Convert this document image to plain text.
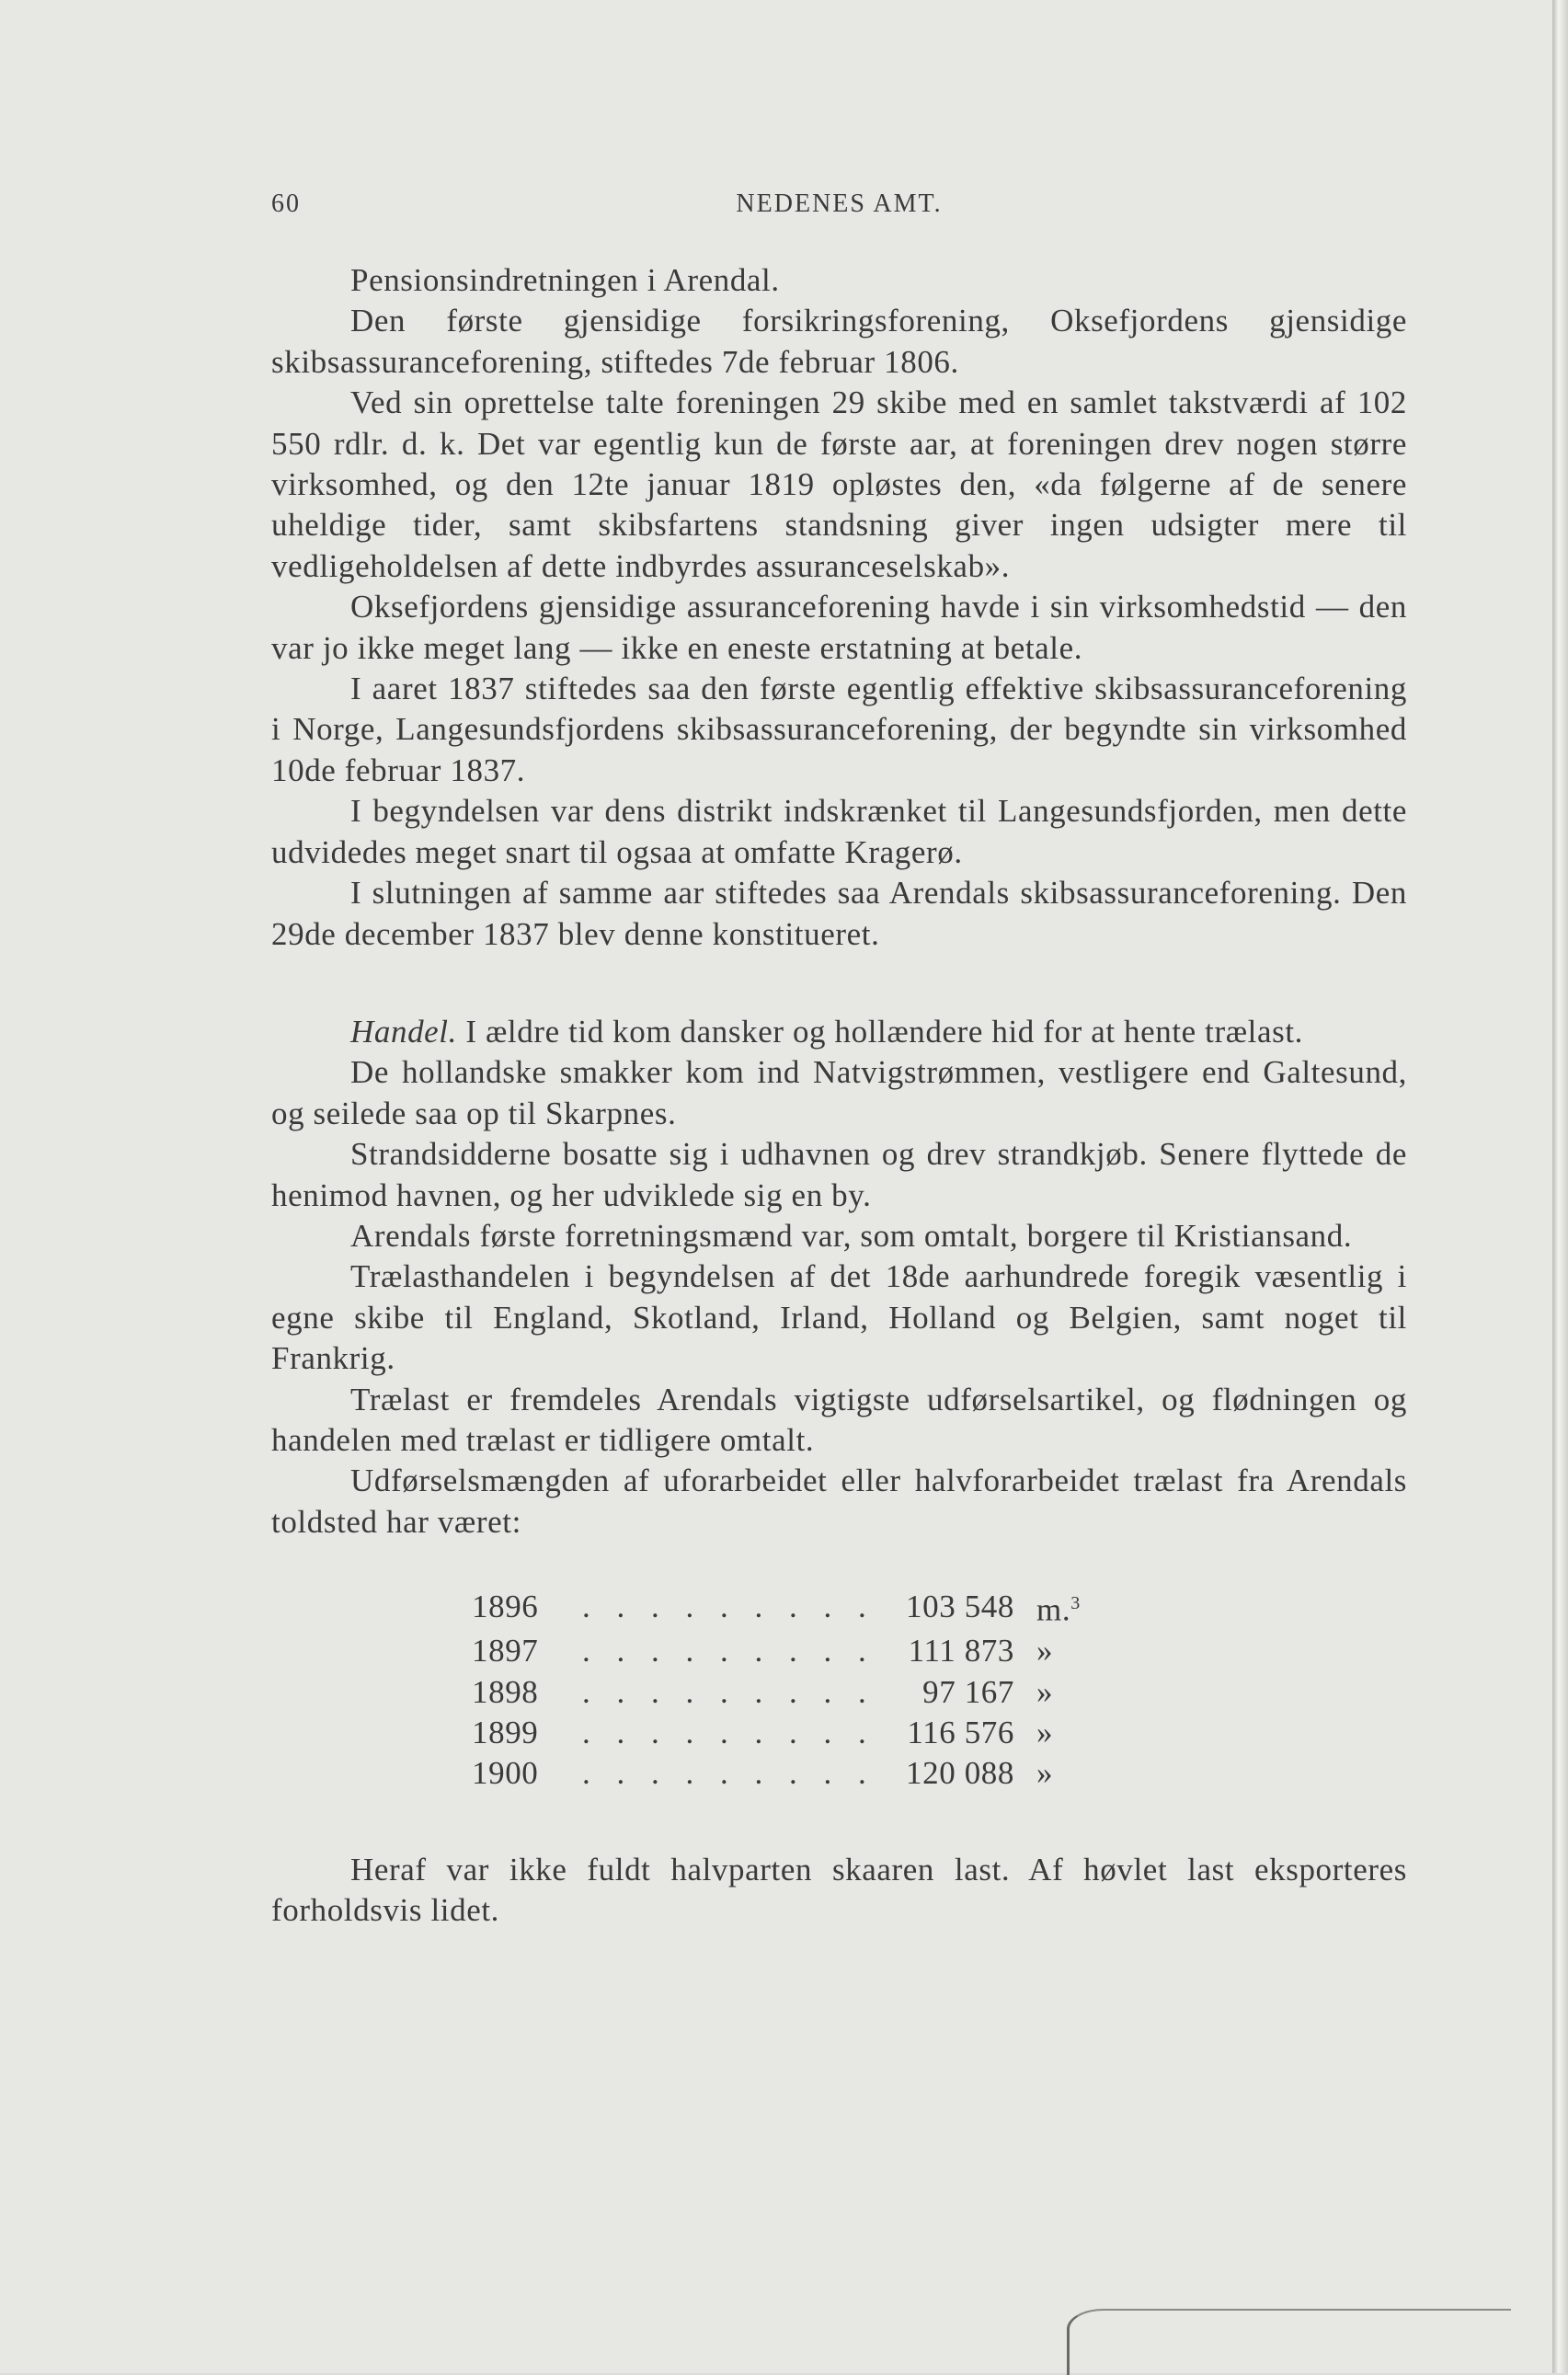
60	NEDENES AMT.

Pensionsindretningen i Arendal.

Den første gjensidige forsikringsforening, Oksefjordens gjensidige skibsassuranceforening, stiftedes 7de februar 1806.

Ved sin oprettelse talte foreningen 29 skibe med en samlet takstværdi af 102 550 rdlr. d. k. Det var egentlig kun de første aar, at foreningen drev nogen større virksomhed, og den 12te januar 1819 opløstes den, «da følgerne af de senere uheldige tider, samt skibsfartens standsning giver ingen udsigter mere til vedligeholdelsen af dette indbyrdes assuranceselskab».

Oksefjordens gjensidige assuranceforening havde i sin virksomhedstid — den var jo ikke meget lang — ikke en eneste erstatning at betale.

I aaret 1837 stiftedes saa den første egentlig effektive skibsassuranceforening i Norge, Langesundsfjordens skibsassuranceforening, der begyndte sin virksomhed 10de februar 1837.

I begyndelsen var dens distrikt indskrænket til Langesundsfjorden, men dette udvidedes meget snart til ogsaa at omfatte Kragerø.

I slutningen af samme aar stiftedes saa Arendals skibsassuranceforening. Den 29de december 1837 blev denne konstitueret.

Handel. I ældre tid kom dansker og hollændere hid for at hente trælast.

De hollandske smakker kom ind Natvigstrømmen, vestligere end Galtesund, og seilede saa op til Skarpnes.

Strandsidderne bosatte sig i udhavnen og drev strandkjøb. Senere flyttede de henimod havnen, og her udviklede sig en by.

Arendals første forretningsmænd var, som omtalt, borgere til Kristiansand.

Trælasthandelen i begyndelsen af det 18de aarhundrede foregik væsentlig i egne skibe til England, Skotland, Irland, Holland og Belgien, samt noget til Frankrig.

Trælast er fremdeles Arendals vigtigste udførselsartikel, og flødningen og handelen med trælast er tidligere omtalt.

Udførselsmængden af uforarbeidet eller halvforarbeidet trælast fra Arendals toldsted har været:

1896	. . . . . . . . .	103 548	m.$^3$
1897	. . . . . . . . .	111 873	»
1898	. . . . . . . . .	97 167	»
1899	. . . . . . . . .	116 576	»
1900	. . . . . . . . .	120 088	»

Heraf var ikke fuldt halvparten skaaren last. Af høvlet last eksporteres forholdsvis lidet.
